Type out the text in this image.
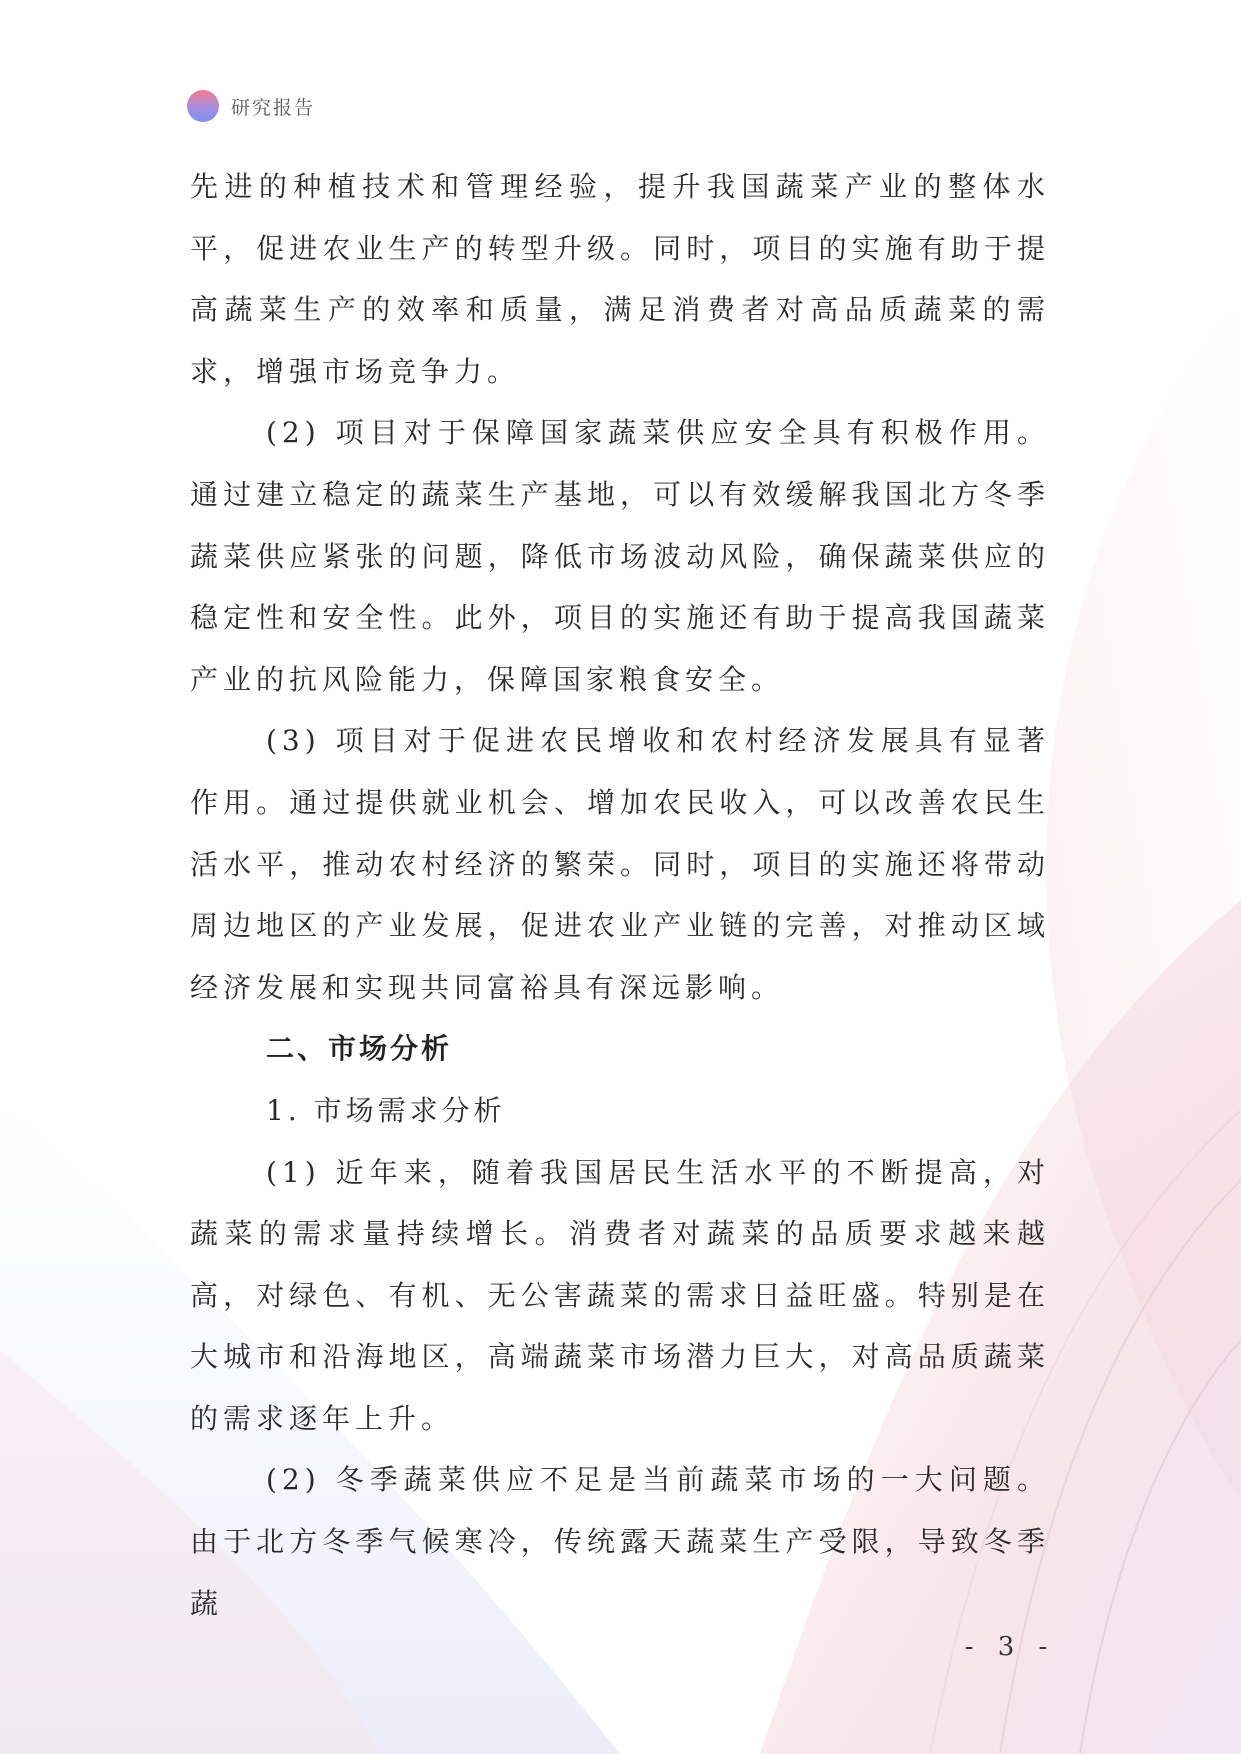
研究报告

先进的种植技术和管理经验，提升我国蔬菜产业的整体水平，促进农业生产的转型升级。同时，项目的实施有助于提高蔬菜生产的效率和质量，满足消费者对高品质蔬菜的需求，增强市场竞争力。

(2) 项目对于保障国家蔬菜供应安全具有积极作用。通过建立稳定的蔬菜生产基地，可以有效缓解我国北方冬季蔬菜供应紧张的问题，降低市场波动风险，确保蔬菜供应的稳定性和安全性。此外，项目的实施还有助于提高我国蔬菜产业的抗风险能力，保障国家粮食安全。

(3) 项目对于促进农民增收和农村经济发展具有显著作用。通过提供就业机会、增加农民收入，可以改善农民生活水平，推动农村经济的繁荣。同时，项目的实施还将带动周边地区的产业发展，促进农业产业链的完善，对推动区域经济发展和实现共同富裕具有深远影响。

二、市场分析

1. 市场需求分析

(1) 近年来，随着我国居民生活水平的不断提高，对蔬菜的需求量持续增长。消费者对蔬菜的品质要求越来越高，对绿色、有机、无公害蔬菜的需求日益旺盛。特别是在大城市和沿海地区，高端蔬菜市场潜力巨大，对高品质蔬菜的需求逐年上升。

(2) 冬季蔬菜供应不足是当前蔬菜市场的一大问题。由于北方冬季气候寒冷，传统露天蔬菜生产受限，导致冬季蔬

- 3 -
